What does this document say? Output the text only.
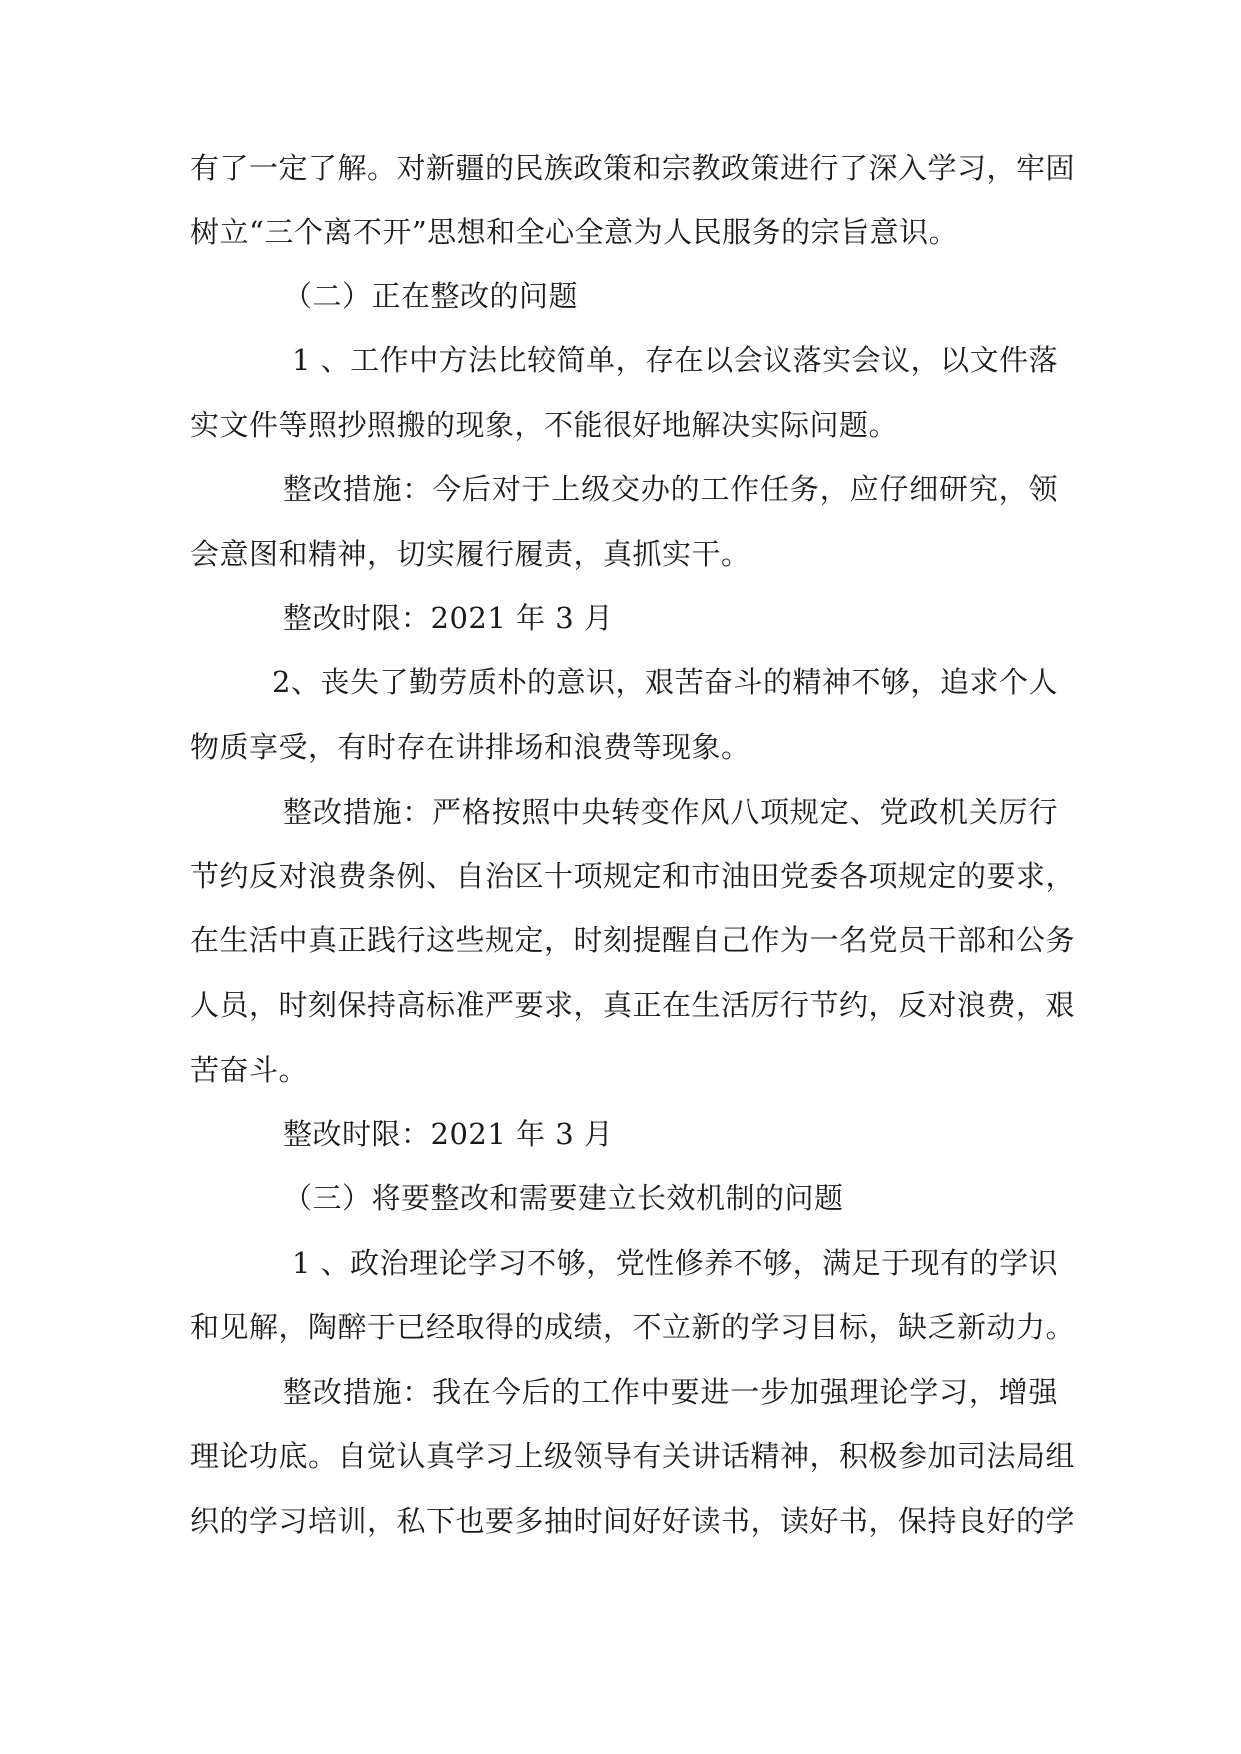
有了一定了解。对新疆的民族政策和宗教政策进行了深入学习，牢固
树立“三个离不开”思想和全心全意为人民服务的宗旨意识。
（二）正在整改的问题
1 、工作中方法比较简单，存在以会议落实会议，以文件落
实文件等照抄照搬的现象，不能很好地解决实际问题。
整改措施：今后对于上级交办的工作任务，应仔细研究，领
会意图和精神，切实履行履责，真抓实干。
整改时限：2021 年 3 月
2、丧失了勤劳质朴的意识，艰苦奋斗的精神不够，追求个人
物质享受，有时存在讲排场和浪费等现象。
整改措施：严格按照中央转变作风八项规定、党政机关厉行
节约反对浪费条例、自治区十项规定和市油田党委各项规定的要求，
在生活中真正践行这些规定，时刻提醒自己作为一名党员干部和公务
人员，时刻保持高标准严要求，真正在生活厉行节约，反对浪费，艰
苦奋斗。
整改时限：2021 年 3 月
（三）将要整改和需要建立长效机制的问题
1 、政治理论学习不够，党性修养不够，满足于现有的学识
和见解，陶醉于已经取得的成绩，不立新的学习目标，缺乏新动力。
整改措施：我在今后的工作中要进一步加强理论学习，增强
理论功底。自觉认真学习上级领导有关讲话精神，积极参加司法局组
织的学习培训，私下也要多抽时间好好读书，读好书，保持良好的学
